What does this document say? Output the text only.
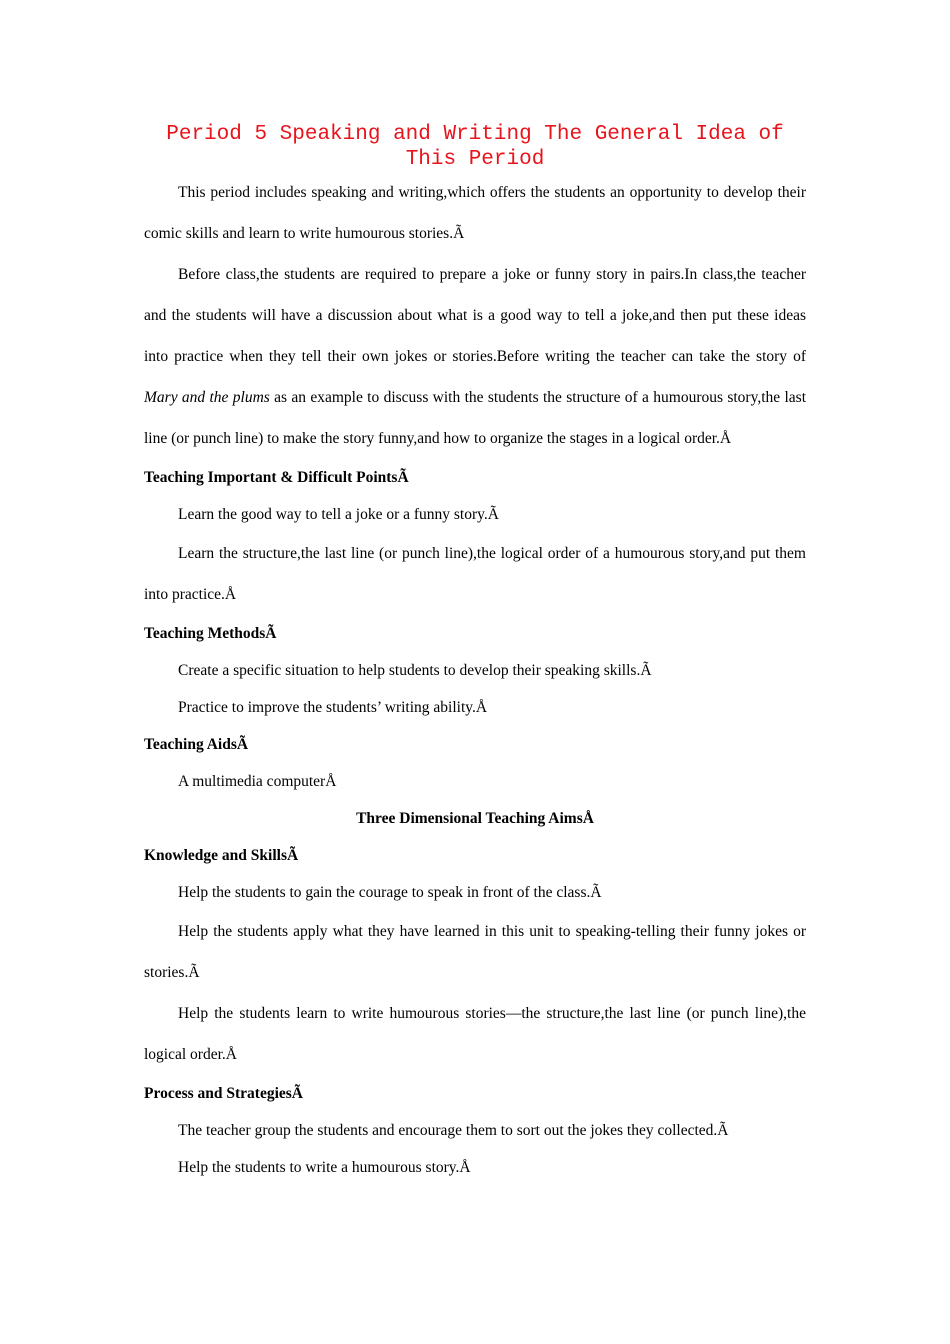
Period 5 Speaking and Writing The General Idea of This Period

This period includes speaking and writing,which offers the students an opportunity to develop their comic skills and learn to write humourous stories.Ã

Before class,the students are required to prepare a joke or funny story in pairs.In class,the teacher and the students will have a discussion about what is a good way to tell a joke,and then put these ideas into practice when they tell their own jokes or stories.Before writing the teacher can take the story of Mary and the plums as an example to discuss with the students the structure of a humourous story,the last line (or punch line) to make the story funny,and how to organize the stages in a logical order.Å

Teaching Important & Difficult PointsÃ

Learn the good way to tell a joke or a funny story.Ã

Learn the structure,the last line (or punch line),the logical order of a humourous story,and put them into practice.Å

Teaching MethodsÃ

Create a specific situation to help students to develop their speaking skills.Ã

Practice to improve the students’ writing ability.Å

Teaching AidsÃ

A multimedia computerÅ

Three Dimensional Teaching AimsÅ

Knowledge and SkillsÃ

Help the students to gain the courage to speak in front of the class.Ã

Help the students apply what they have learned in this unit to speaking-telling their funny jokes or stories.Ã

Help the students learn to write humourous stories—the structure,the last line (or punch line),the logical order.Å

Process and StrategiesÃ

The teacher group the students and encourage them to sort out the jokes they collected.Ã

Help the students to write a humourous story.Å
